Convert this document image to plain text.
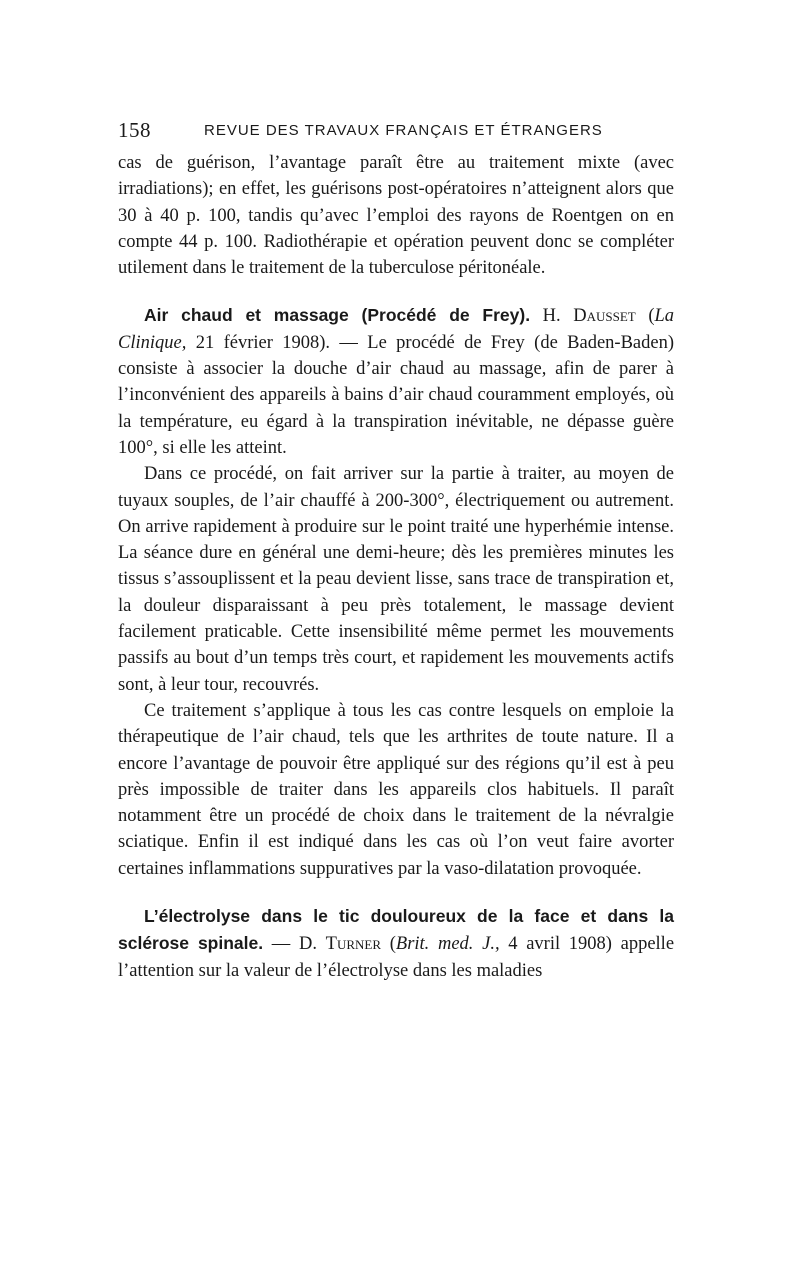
158	REVUE DES TRAVAUX FRANÇAIS ET ÉTRANGERS

cas de guérison, l’avantage paraît être au traitement mixte (avec irradiations); en effet, les guérisons post-opératoires n’atteignent alors que 30 à 40 p. 100, tandis qu’avec l’emploi des rayons de Roentgen on en compte 44 p. 100. Radiothérapie et opération peuvent donc se compléter utilement dans le traitement de la tuberculose péritonéale.

Air chaud et massage (Procédé de Frey). H. Dausset (La Clinique, 21 février 1908). — Le procédé de Frey (de Baden-Baden) consiste à associer la douche d’air chaud au massage, afin de parer à l’inconvénient des appareils à bains d’air chaud couramment employés, où la température, eu égard à la transpiration inévitable, ne dépasse guère 100°, si elle les atteint.

Dans ce procédé, on fait arriver sur la partie à traiter, au moyen de tuyaux souples, de l’air chauffé à 200-300°, électriquement ou autrement. On arrive rapidement à produire sur le point traité une hyperhémie intense. La séance dure en général une demi-heure; dès les premières minutes les tissus s’assouplissent et la peau devient lisse, sans trace de transpiration et, la douleur disparaissant à peu près totalement, le massage devient facilement praticable. Cette insensibilité même permet les mouvements passifs au bout d’un temps très court, et rapidement les mouvements actifs sont, à leur tour, recouvrés.

Ce traitement s’applique à tous les cas contre lesquels on emploie la thérapeutique de l’air chaud, tels que les arthrites de toute nature. Il a encore l’avantage de pouvoir être appliqué sur des régions qu’il est à peu près impossible de traiter dans les appareils clos habituels. Il paraît notamment être un procédé de choix dans le traitement de la névralgie sciatique. Enfin il est indiqué dans les cas où l’on veut faire avorter certaines inflammations suppuratives par la vaso-dilatation provoquée.

L’électrolyse dans le tic douloureux de la face et dans la sclérose spinale. — D. Turner (Brit. med. J., 4 avril 1908) appelle l’attention sur la valeur de l’électrolyse dans les maladies
